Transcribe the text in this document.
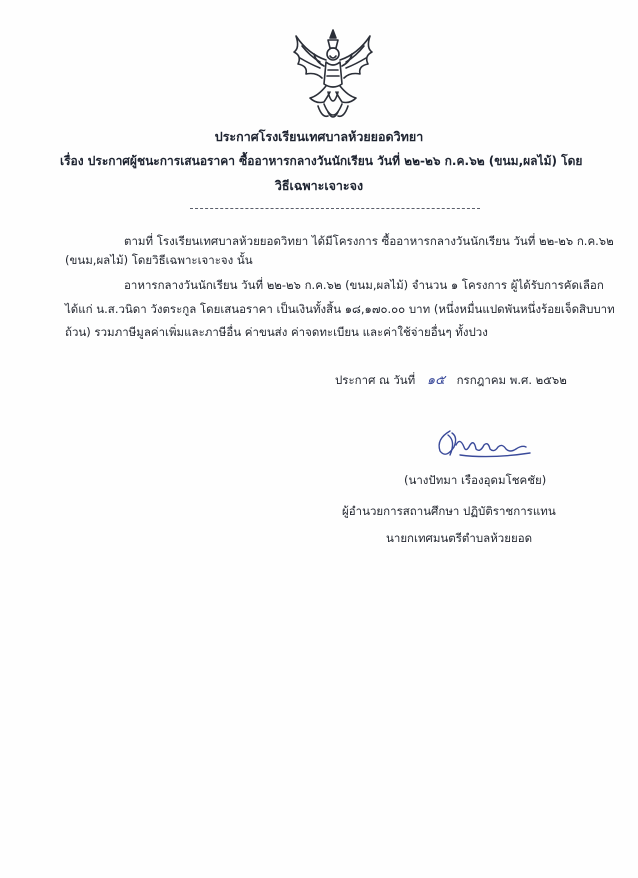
ประกาศโรงเรียนเทศบาลห้วยยอดวิทยา
เรื่อง ประกาศผู้ชนะการเสนอราคา ซื้ออาหารกลางวันนักเรียน วันที่ ๒๒-๒๖ ก.ค.๖๒ (ขนม,ผลไม้) โดย
วิธีเฉพาะเจาะจง
ตามที่ โรงเรียนเทศบาลห้วยยอดวิทยา ได้มีโครงการ ซื้ออาหารกลางวันนักเรียน วันที่ ๒๒-๒๖ ก.ค.๖๒
(ขนม,ผลไม้) โดยวิธีเฉพาะเจาะจง นั้น
อาหารกลางวันนักเรียน วันที่ ๒๒-๒๖ ก.ค.๖๒ (ขนม,ผลไม้) จำนวน ๑ โครงการ ผู้ได้รับการคัดเลือก
ได้แก่ น.ส.วนิดา วังตระกูล โดยเสนอราคา เป็นเงินทั้งสิ้น ๑๘,๑๗๐.๐๐ บาท (หนึ่งหมื่นแปดพันหนึ่งร้อยเจ็ดสิบบาท
ถ้วน) รวมภาษีมูลค่าเพิ่มและภาษีอื่น ค่าขนส่ง ค่าจดทะเบียน และค่าใช้จ่ายอื่นๆ ทั้งปวง
ประกาศ ณ วันที่ ๑๕ กรกฎาคม พ.ศ. ๒๕๖๒
(นางปัทมา เรืองอุดมโชคชัย)
ผู้อำนวยการสถานศึกษา ปฏิบัติราชการแทน
นายกเทศมนตรีตำบลห้วยยอด
